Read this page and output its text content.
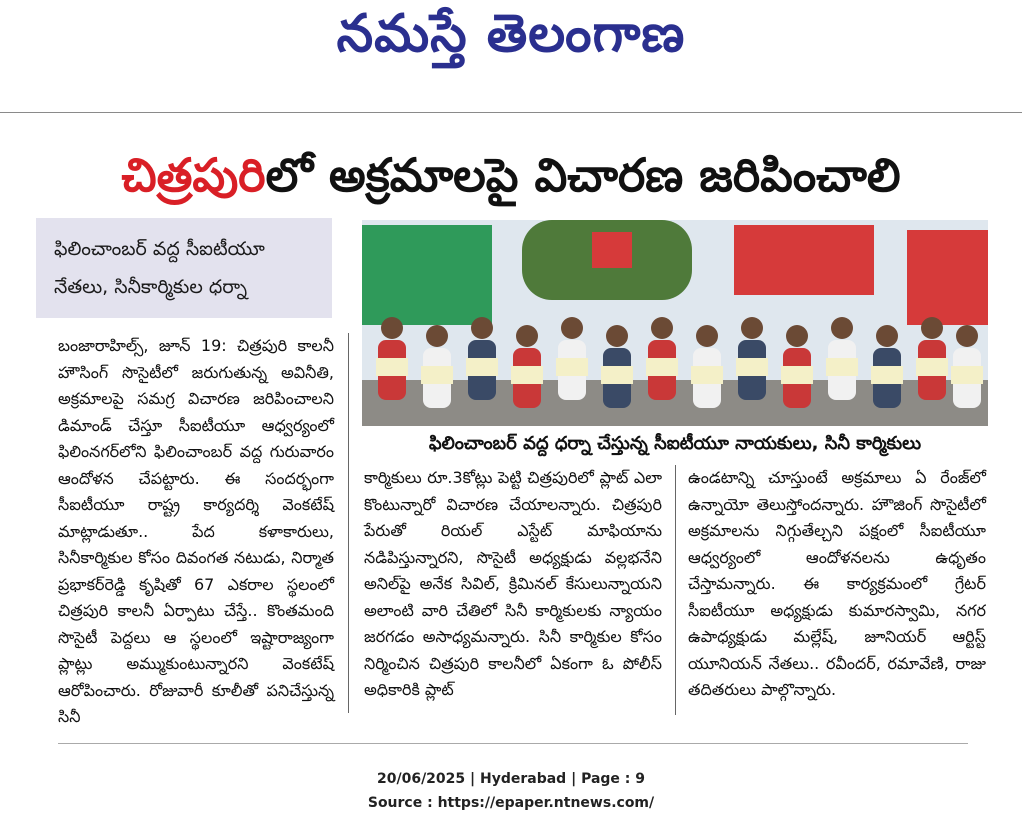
నమస్తే తెలంగాణ
చిత్రపురిలో అక్రమాలపై విచారణ జరిపించాలి
ఫిలించాంబర్ వద్ద సీఐటీయూ
నేతలు, సినీకార్మికుల ధర్నా
ఫిలించాంబర్ వద్ద ధర్నా చేస్తున్న సీఐటీయూ నాయకులు, సినీ కార్మికులు

బంజారాహిల్స్, జూన్ 19: చిత్రపురి కాలనీ హౌసింగ్ సొసైటీలో జరుగుతున్న అవినీతి, అక్రమాలపై సమగ్ర విచారణ జరిపించాలని డిమాండ్ చేస్తూ సీఐటీయూ ఆధ్వర్యంలో ఫిలింనగర్‌లోని ఫిలించాంబర్ వద్ద గురువారం ఆందోళన చేపట్టారు. ఈ సందర్భంగా సీఐటీయూ రాష్ట్ర కార్యదర్శి వెంకటేష్ మాట్లాడుతూ.. పేద కళాకారులు, సినీకార్మికుల కోసం దివంగత నటుడు, నిర్మాత ప్రభాకర్‌రెడ్డి కృషితో 67 ఎకరాల స్థలంలో చిత్రపురి కాలనీ ఏర్పాటు చేస్తే.. కొంతమంది సొసైటీ పెద్దలు ఆ స్థలంలో ఇష్టారాజ్యంగా ప్లాట్లు అమ్ముకుంటున్నారని వెంకటేష్ ఆరోపించారు. రోజువారీ కూలీతో పనిచేస్తున్న సినీ

కార్మికులు రూ.3కోట్లు పెట్టి చిత్రపురిలో ప్లాట్ ఎలా కొంటున్నారో విచారణ చేయాలన్నారు. చిత్రపురి పేరుతో రియల్ ఎస్టేట్ మాఫియాను నడిపిస్తున్నారని, సొసైటీ అధ్యక్షుడు వల్లభనేని అనిల్‌పై అనేక సివిల్, క్రిమినల్ కేసులున్నాయని అలాంటి వారి చేతిలో సినీ కార్మికులకు న్యాయం జరగడం అసాధ్యమన్నారు. సినీ కార్మికుల కోసం నిర్మించిన చిత్రపురి కాలనీలో ఏకంగా ఓ పోలీస్ అధికారికి ప్లాట్

ఉండటాన్ని చూస్తుంటే అక్రమాలు ఏ రేంజ్‌లో ఉన్నాయో తెలుస్తోందన్నారు. హౌజింగ్ సొసైటీలో అక్రమాలను నిగ్గుతేల్చని పక్షంలో సీఐటీయూ ఆధ్వర్యంలో ఆందోళనలను ఉధృతం చేస్తామన్నారు. ఈ కార్యక్రమంలో గ్రేటర్ సీఐటీయూ అధ్యక్షుడు కుమారస్వామి, నగర ఉపాధ్యక్షుడు మల్లేష్, జూనియర్ ఆర్టిస్ట్ యూనియన్ నేతలు.. రవీందర్, రమావేణి, రాజు తదితరులు పాల్గొన్నారు.

20/06/2025 | Hyderabad | Page : 9
Source : https://epaper.ntnews.com/
